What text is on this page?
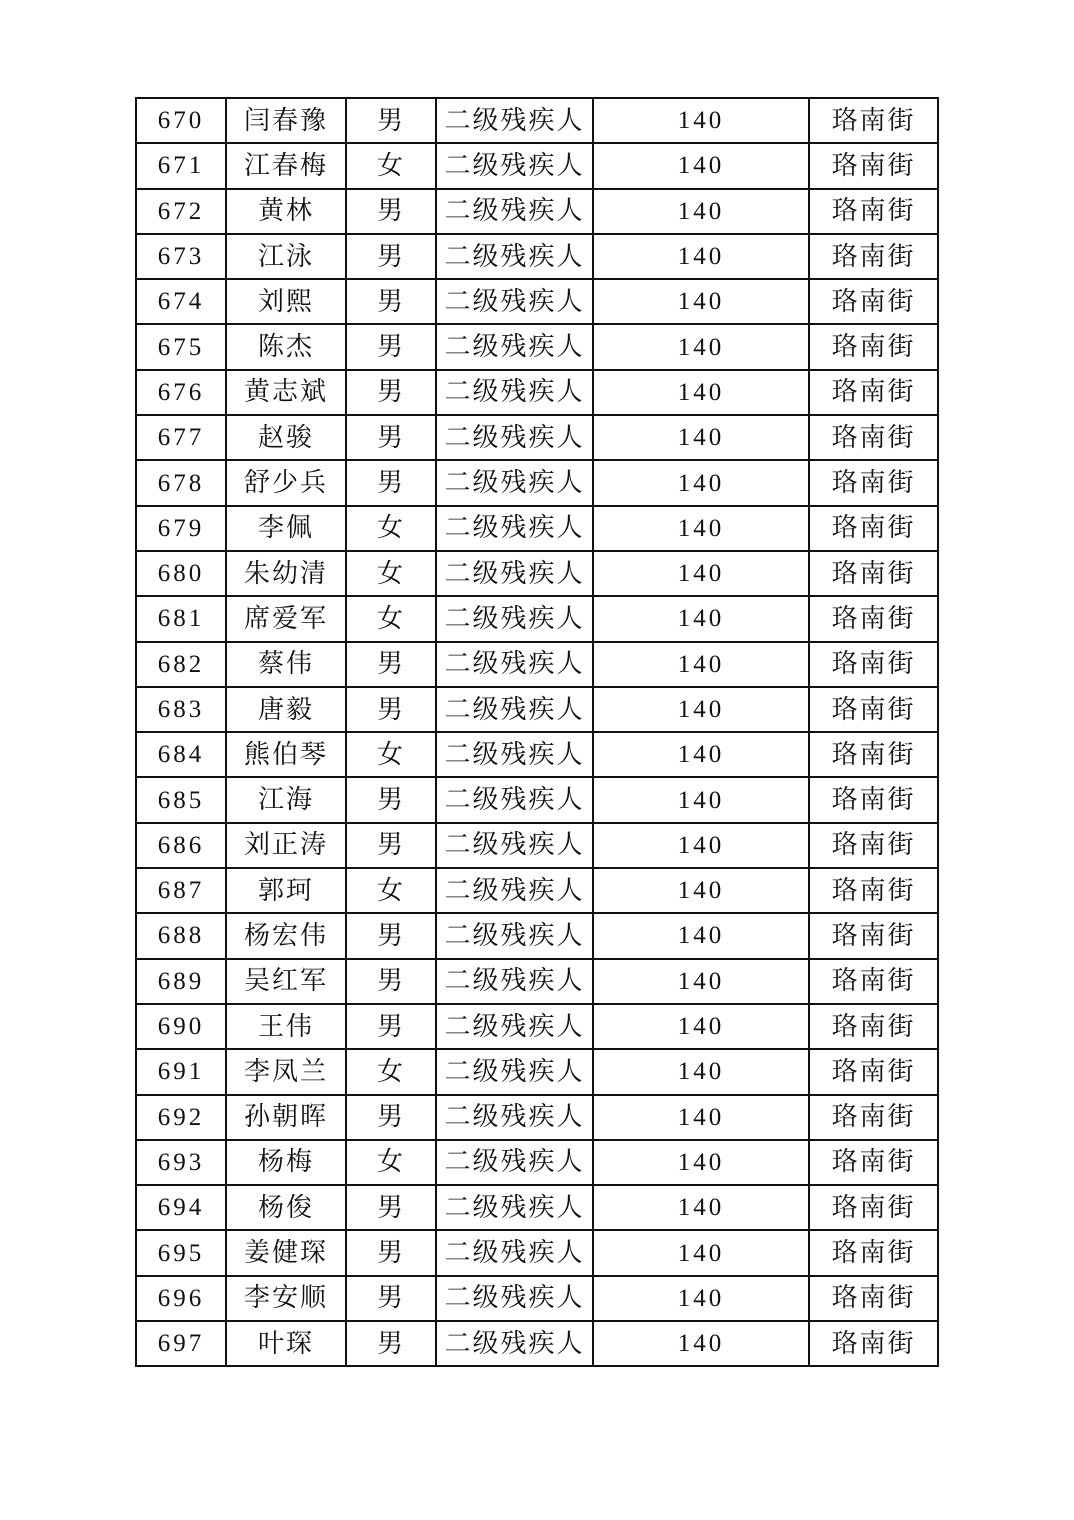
670	闫春豫	男	二级残疾人	140	珞南街
671	江春梅	女	二级残疾人	140	珞南街
672	黄林	男	二级残疾人	140	珞南街
673	江泳	男	二级残疾人	140	珞南街
674	刘熙	男	二级残疾人	140	珞南街
675	陈杰	男	二级残疾人	140	珞南街
676	黄志斌	男	二级残疾人	140	珞南街
677	赵骏	男	二级残疾人	140	珞南街
678	舒少兵	男	二级残疾人	140	珞南街
679	李佩	女	二级残疾人	140	珞南街
680	朱幼清	女	二级残疾人	140	珞南街
681	席爱军	女	二级残疾人	140	珞南街
682	蔡伟	男	二级残疾人	140	珞南街
683	唐毅	男	二级残疾人	140	珞南街
684	熊伯琴	女	二级残疾人	140	珞南街
685	江海	男	二级残疾人	140	珞南街
686	刘正涛	男	二级残疾人	140	珞南街
687	郭珂	女	二级残疾人	140	珞南街
688	杨宏伟	男	二级残疾人	140	珞南街
689	吴红军	男	二级残疾人	140	珞南街
690	王伟	男	二级残疾人	140	珞南街
691	李凤兰	女	二级残疾人	140	珞南街
692	孙朝晖	男	二级残疾人	140	珞南街
693	杨梅	女	二级残疾人	140	珞南街
694	杨俊	男	二级残疾人	140	珞南街
695	姜健琛	男	二级残疾人	140	珞南街
696	李安顺	男	二级残疾人	140	珞南街
697	叶琛	男	二级残疾人	140	珞南街
